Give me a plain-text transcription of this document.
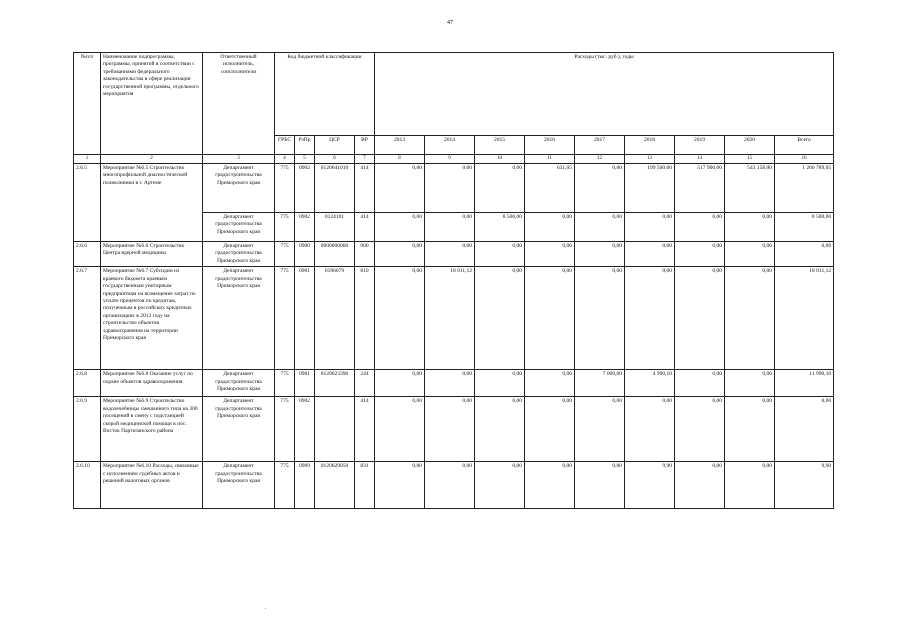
47
№п/п	Наименование подпрограммы, программы, принятой в соответствии с требованиями федерального законодательства в сфере реализации государственной программы, отдельного мероприятия	Ответственный исполнитель, соисполнители	Код бюджетной классификации				Расходы (тыс. руб.), годы								
			ГРБС	РзПр	ЦСР	ВР	2013	2014	2015	2016	2017	2018	2019	2020	Всего
1	2	3	4	5	6	7	8	9	10	11	12	13	14	15	16
2.6.5	Мероприятие №6.5 Строительство многопрофильной диагностической поликлиники в г. Артеме	Департамент градостроительства Приморского края	775	0902	0120641010	414	0,00	0,00	0,00	631,05	0,00	199 500,00	517 900,00	543 158,00	1 260 789,05
		Департамент градостроительства Приморского края	775	0902	0124101	414	0,00	0,00	8 500,00	0,00	0,00	0,00	0,00	0,00	8 500,00
2.6.6	Мероприятие №6.6 Строительство Центра ядерной медицины	Департамент градостроительства Приморского края	775	0900	0000000000	000	0,00	0,00	0,00	0,00	0,00	0,00	0,00	0,00	0,00
2.6.7	Мероприятие №6.7 Субсидии из краевого бюджета краевым государственным унитарным предприятиям на возмещение затрат по уплате процентов по кредитам, полученным в российских кредитных организациях в 2013 году на строительство объектов здравоохранения на территории Приморского края	Департамент градостроительства Приморского края	775	0901	0196079	810	0,00	18 011,12	0,00	0,00	0,00	0,00	0,00	0,00	18 011,12
2.6.8	Мероприятие №6.8 Оказание услуг по охране объектов здравоохранения	Департамент градостроительства Приморского края	775	0901	0120623390	244	0,00	0,00	0,00	0,00	7 000,00	4 990,10	0,00	0,00	11 990,10
2.6.9	Мероприятие №6.9 Строительство водолечебницы смешанного типа на 300 посещений в смену с подстанцией скорой медицинской помощи в пос. Восток Партизанского района	Департамент градостроительства Приморского края	775	0902		414	0,00	0,00	0,00	0,00	0,00	0,00	0,00	0,00	0,00
2.6.10	Мероприятие №6.10 Расходы, связанные с исполнением судебных актов и решений налоговых органов	Департамент градостроительства Приморского края	775	0909	0120629050	831	0,00	0,00	0,00	0,00	0,00	9,90	0,00	0,00	9,90
.
